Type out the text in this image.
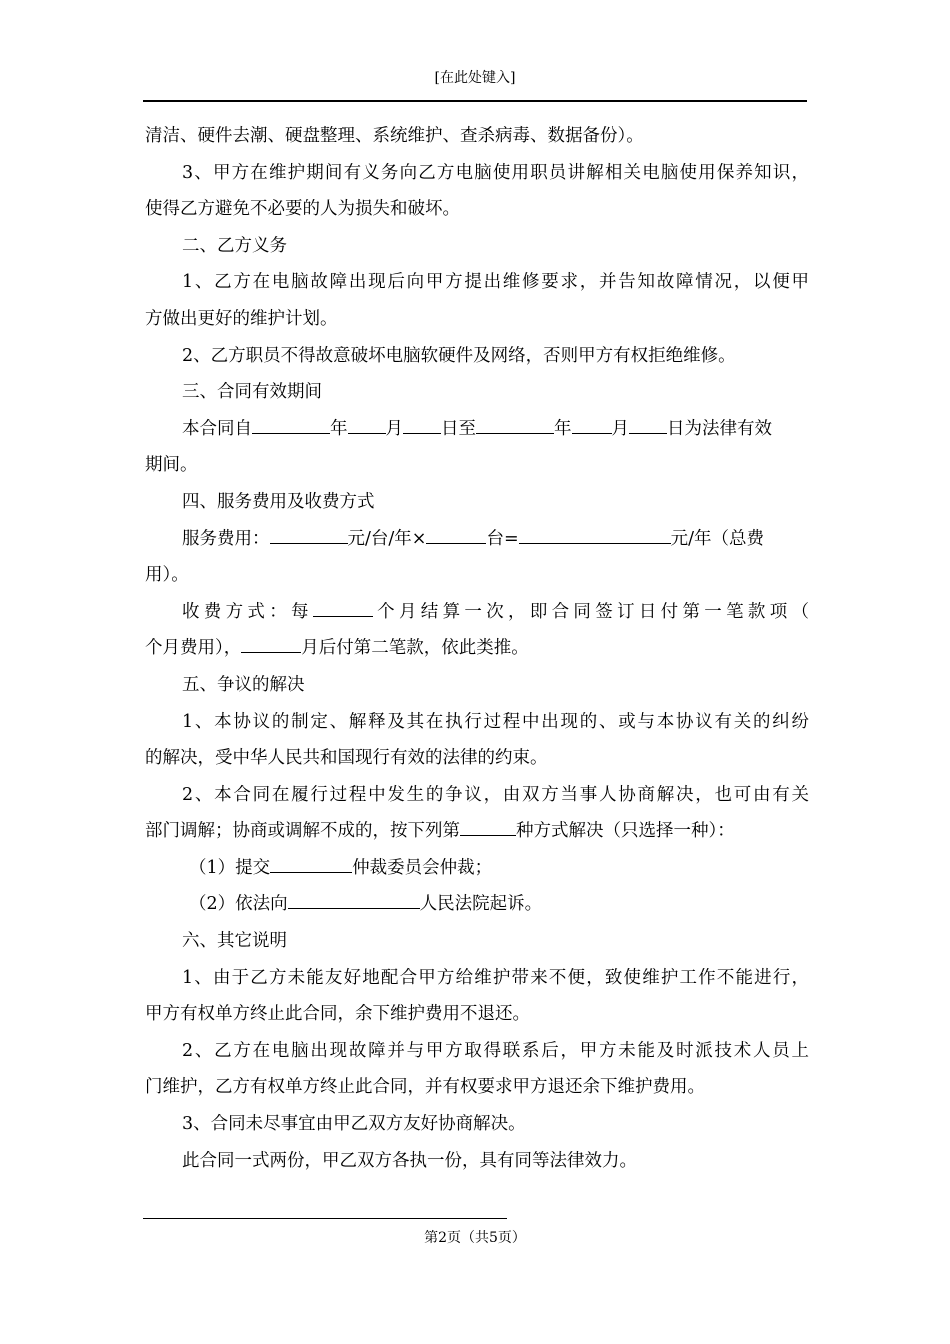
[在此处键入]
清洁、硬件去潮、硬盘整理、系统维护、查杀病毒、数据备份）。
3、甲方在维护期间有义务向乙方电脑使用职员讲解相关电脑使用保养知识，
使得乙方避免不必要的人为损失和破坏。
二、乙方义务
1、乙方在电脑故障出现后向甲方提出维修要求，并告知故障情况，以便甲
方做出更好的维护计划。
2、乙方职员不得故意破坏电脑软硬件及网络，否则甲方有权拒绝维修。
三、合同有效期间
本合同自	年 月 日至	年 月 日为法律有效
期间。
四、服务费用及收费方式
服务费用：	元/台/年×	台=	元/年（总费
用）。
收费方式：每	个月结算一次，即合同签订日付第一笔款项（
个月费用），	月后付第二笔款，依此类推。
五、争议的解决
1、本协议的制定、解释及其在执行过程中出现的、或与本协议有关的纠纷
的解决，受中华人民共和国现行有效的法律的约束。
2、本合同在履行过程中发生的争议，由双方当事人协商解决，也可由有关
部门调解；协商或调解不成的，按下列第	种方式解决（只选择一种）：
（1）提交	仲裁委员会仲裁；
（2）依法向	人民法院起诉。
六、其它说明
1、由于乙方未能友好地配合甲方给维护带来不便，致使维护工作不能进行，
甲方有权单方终止此合同，余下维护费用不退还。
2、乙方在电脑出现故障并与甲方取得联系后，甲方未能及时派技术人员上
门维护，乙方有权单方终止此合同，并有权要求甲方退还余下维护费用。
3、合同未尽事宜由甲乙双方友好协商解决。
此合同一式两份，甲乙双方各执一份，具有同等法律效力。
第2页（共5页）
